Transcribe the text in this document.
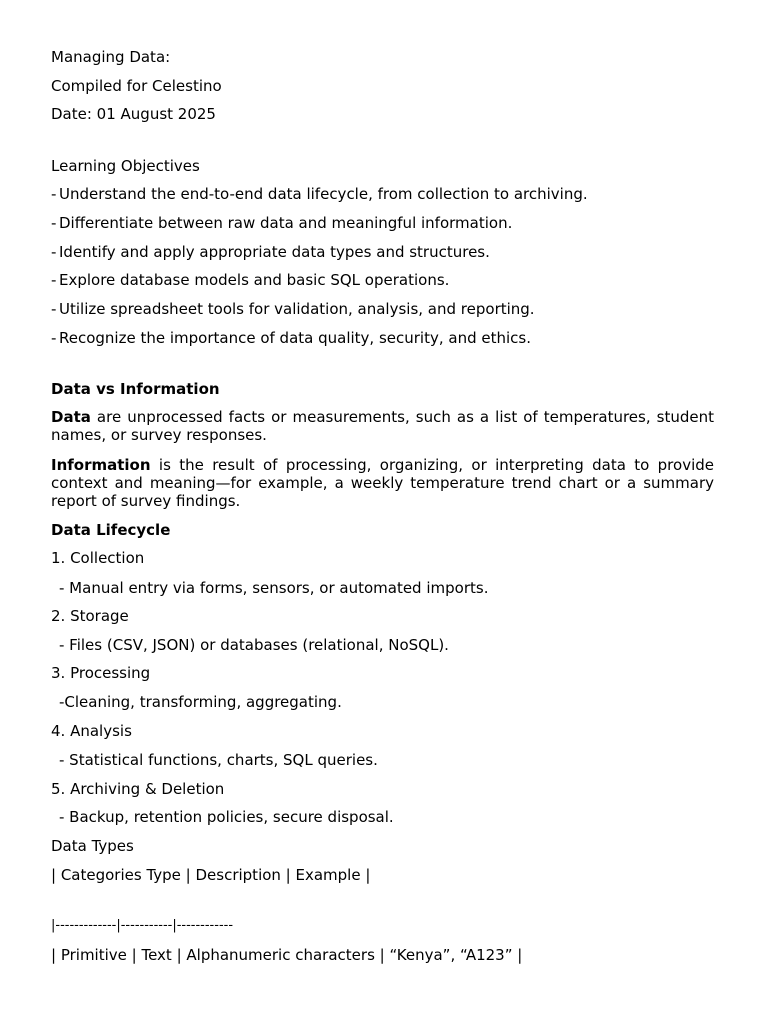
Managing Data:
Compiled for Celestino
Date: 01 August 2025
Learning Objectives
- Understand the end-to-end data lifecycle, from collection to archiving.
- Differentiate between raw data and meaningful information.
- Identify and apply appropriate data types and structures.
- Explore database models and basic SQL operations.
- Utilize spreadsheet tools for validation, analysis, and reporting.
- Recognize the importance of data quality, security, and ethics.
Data vs Information
Data are unprocessed facts or measurements, such as a list of temperatures, student names, or survey responses.
Information is the result of processing, organizing, or interpreting data to provide context and meaning—for example, a weekly temperature trend chart or a summary report of survey findings.
Data Lifecycle
1. Collection
- Manual entry via forms, sensors, or automated imports.
2. Storage
- Files (CSV, JSON) or databases (relational, NoSQL).
3. Processing
-Cleaning, transforming, aggregating.
4. Analysis
- Statistical functions, charts, SQL queries.
5. Archiving & Deletion
- Backup, retention policies, secure disposal.
Data Types
| Categories Type | Description | Example |
|-------------|-----------|------------
| Primitive | Text | Alphanumeric characters | “Kenya”, “A123” |
